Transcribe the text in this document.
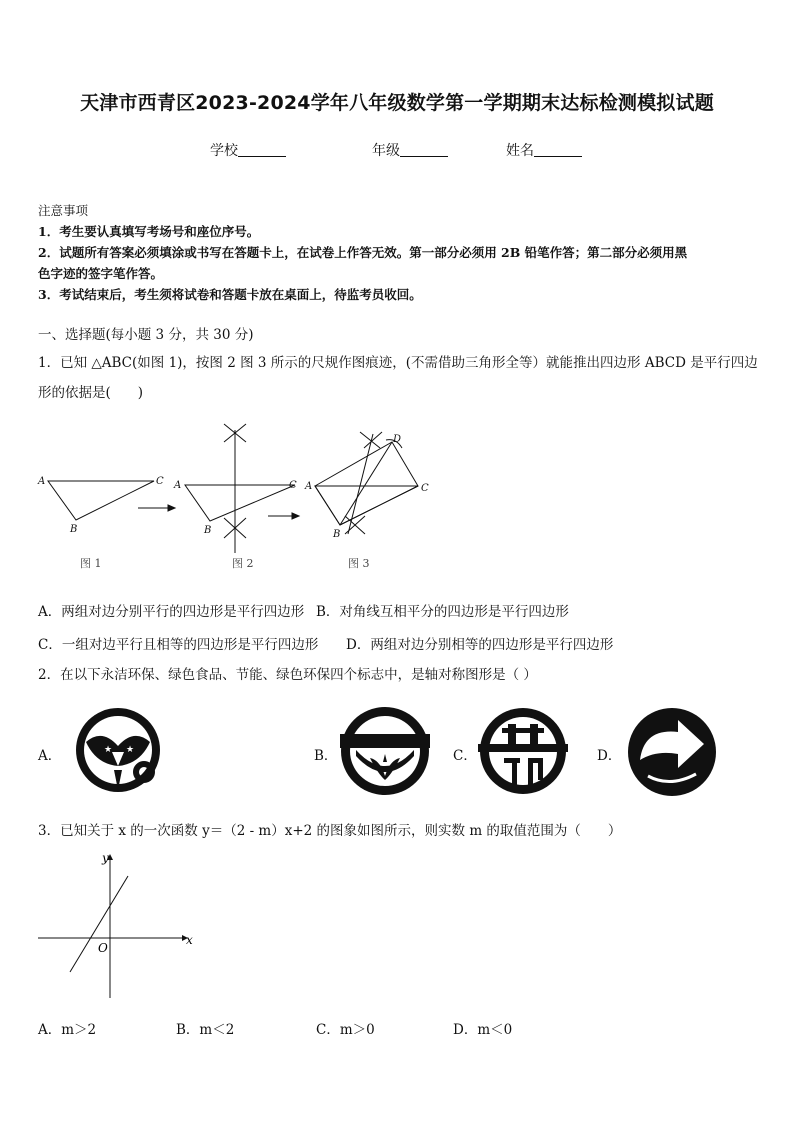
天津市西青区2023-2024学年八年级数学第一学期期末达标检测模拟试题
学校	年级	姓名
注意事项
1．考生要认真填写考场号和座位序号。
2．试题所有答案必须填涂或书写在答题卡上，在试卷上作答无效。第一部分必须用 2B 铅笔作答；第二部分必须用黑
色字迹的签字笔作答。
3．考试结束后，考生须将试卷和答题卡放在桌面上，待监考员收回。
一、选择题(每小题 3 分，共 30 分)
1．已知 △ABC(如图 1)，按图 2 图 3 所示的尺规作图痕迹，(不需借助三角形全等）就能推出四边形 ABCD 是平行四边
形的依据是(　　)
A	C
B
A	C
B
A	C
B
D
图 1	图 2	图 3
A．两组对边分别平行的四边形是平行四边形 B．对角线互相平分的四边形是平行四边形
C．一组对边平行且相等的四边形是平行四边形 D．两组对边分别相等的四边形是平行四边形
2．在以下永洁环保、绿色食品、节能、绿色环保四个标志中，是轴对称图形是（ ）
A．	★ ★	B．	C．	D．
3．已知关于 x 的一次函数 y＝（2 - m）x+2 的图象如图所示，则实数 m 的取值范围为（　　）
x
y
O
A．m＞2	B．m＜2	C．m＞0	D．m＜0
